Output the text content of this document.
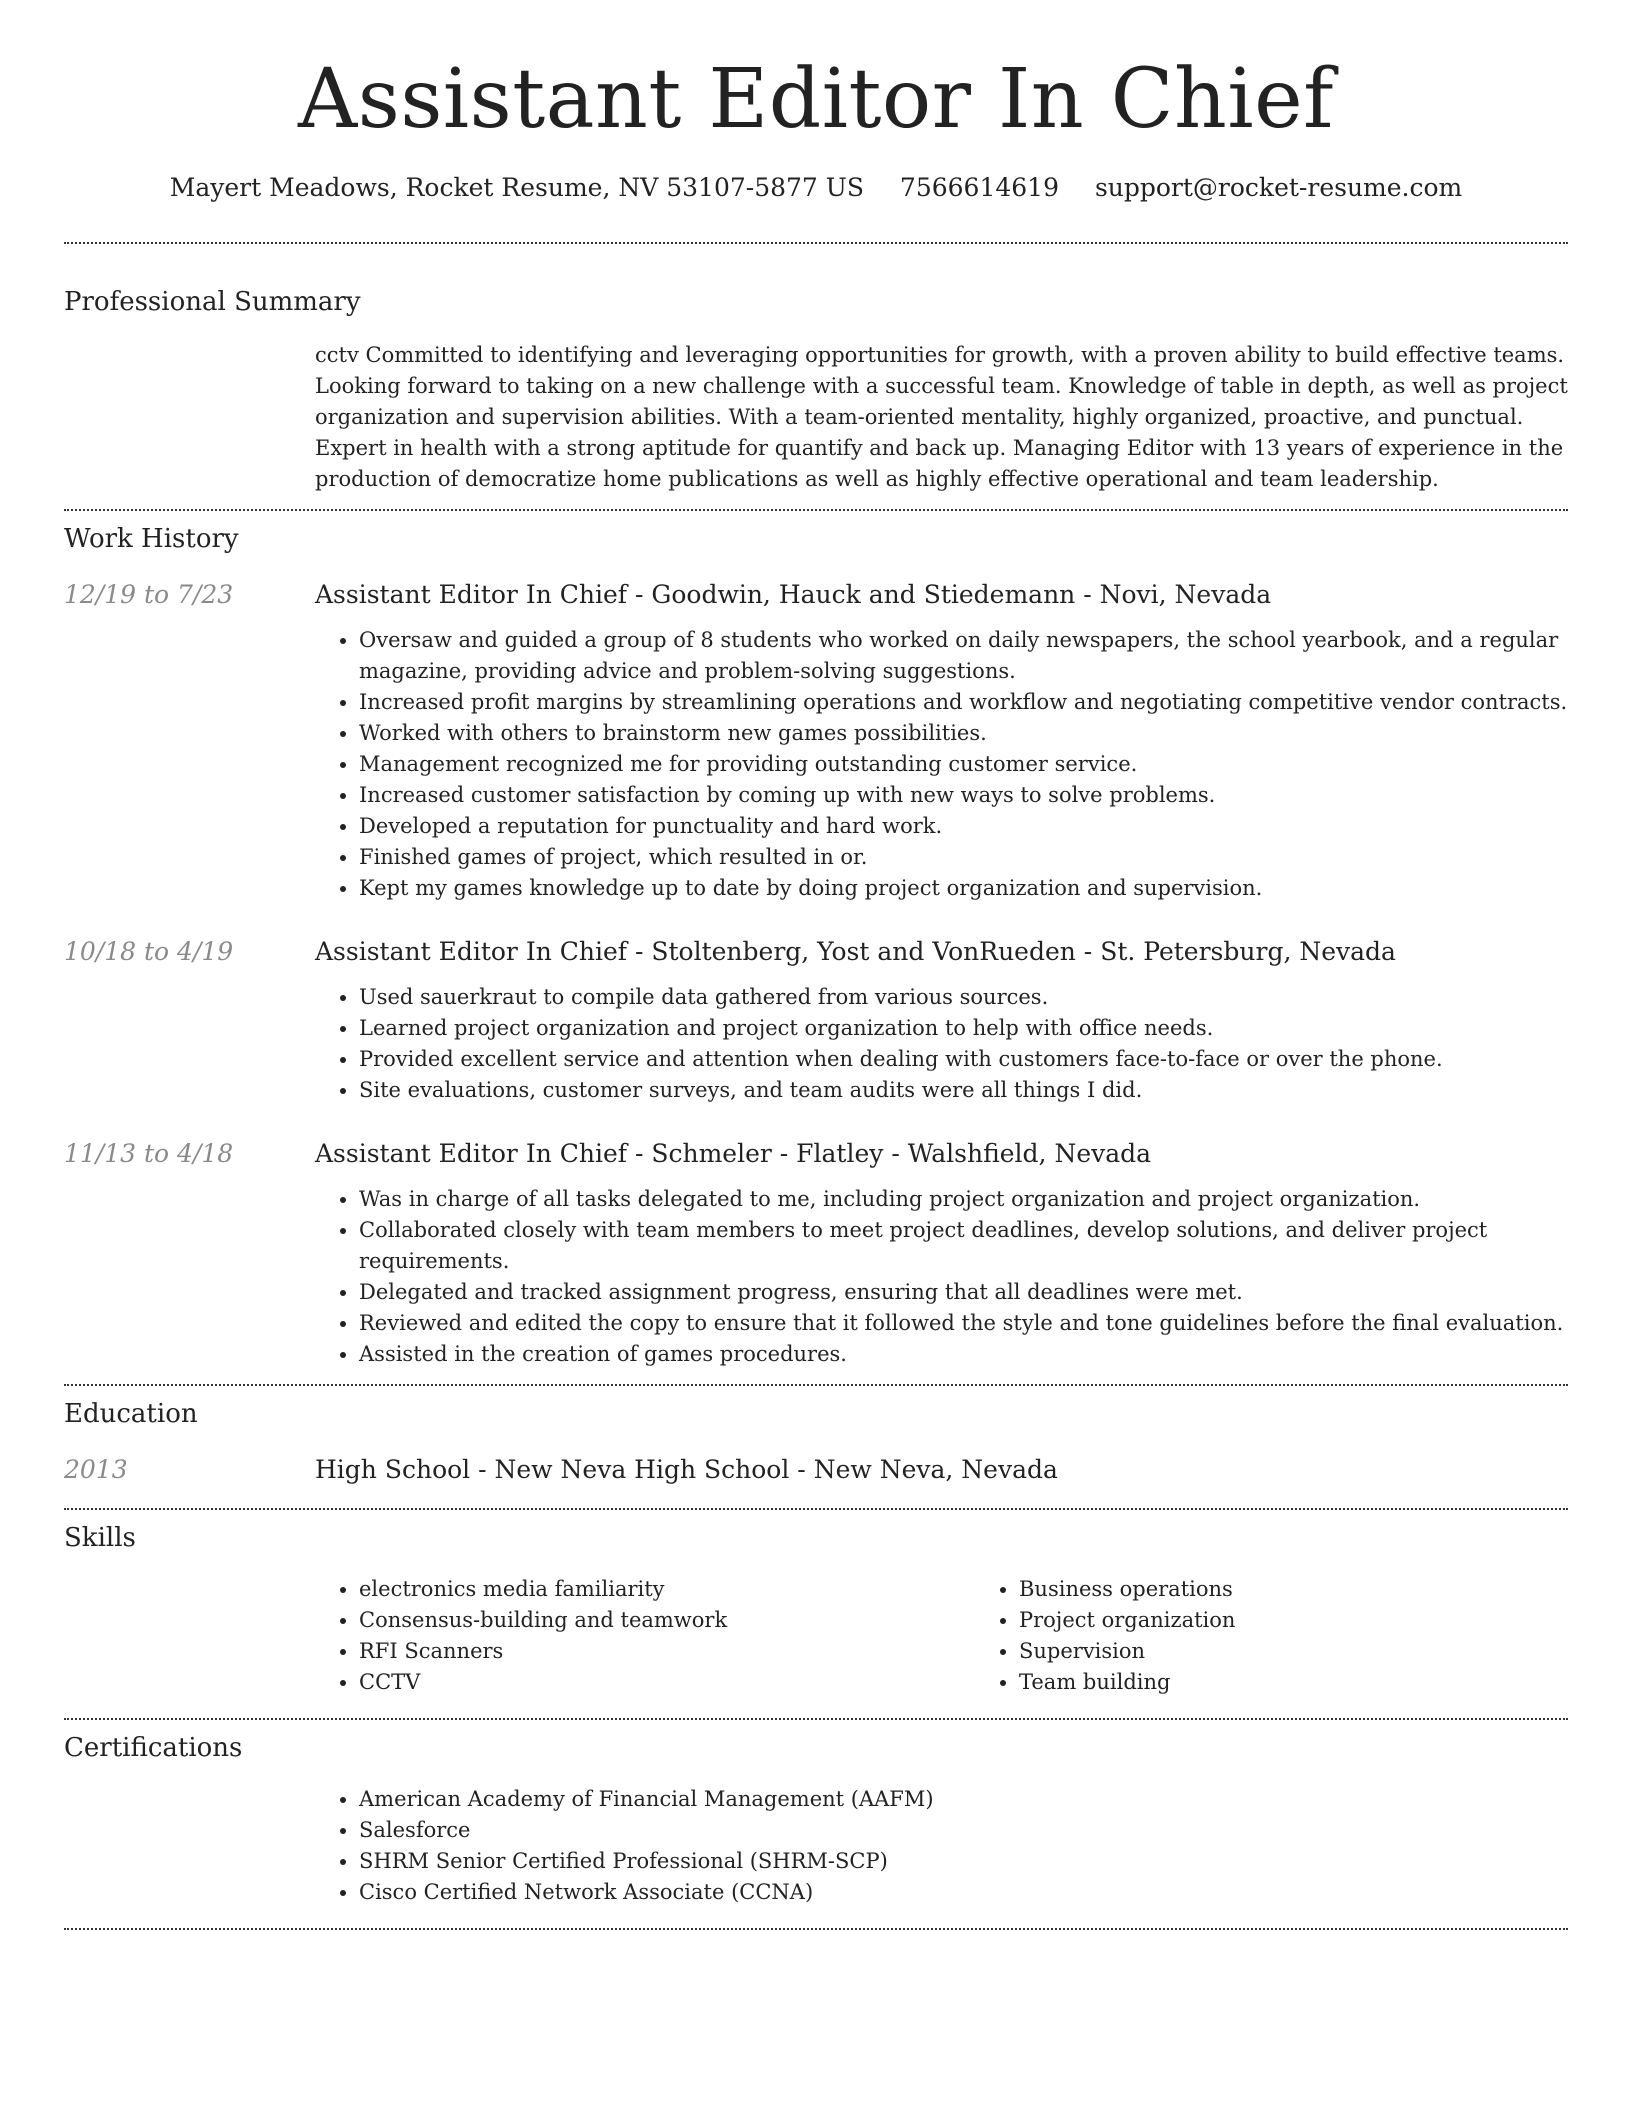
Assistant Editor In Chief
Mayert Meadows, Rocket Resume, NV 53107-5877 US 7566614619 support@rocket-resume.com
Professional Summary

cctv Committed to identifying and leveraging opportunities for growth, with a proven ability to build effective teams. Looking forward to taking on a new challenge with a successful team. Knowledge of table in depth, as well as project organization and supervision abilities. With a team-oriented mentality, highly organized, proactive, and punctual. Expert in health with a strong aptitude for quantify and back up. Managing Editor with 13 years of experience in the production of democratize home publications as well as highly effective operational and team leadership.

Work History
12/19 to 7/23	Assistant Editor In Chief - Goodwin, Hauck and Stiedemann - Novi, Nevada
• Oversaw and guided a group of 8 students who worked on daily newspapers, the school yearbook, and a regular magazine, providing advice and problem-solving suggestions.
• Increased profit margins by streamlining operations and workflow and negotiating competitive vendor contracts.
• Worked with others to brainstorm new games possibilities.
• Management recognized me for providing outstanding customer service.
• Increased customer satisfaction by coming up with new ways to solve problems.
• Developed a reputation for punctuality and hard work.
• Finished games of project, which resulted in or.
• Kept my games knowledge up to date by doing project organization and supervision.
10/18 to 4/19	Assistant Editor In Chief - Stoltenberg, Yost and VonRueden - St. Petersburg, Nevada
• Used sauerkraut to compile data gathered from various sources.
• Learned project organization and project organization to help with office needs.
• Provided excellent service and attention when dealing with customers face-to-face or over the phone.
• Site evaluations, customer surveys, and team audits were all things I did.
11/13 to 4/18	Assistant Editor In Chief - Schmeler - Flatley - Walshfield, Nevada
• Was in charge of all tasks delegated to me, including project organization and project organization.
• Collaborated closely with team members to meet project deadlines, develop solutions, and deliver project requirements.
• Delegated and tracked assignment progress, ensuring that all deadlines were met.
• Reviewed and edited the copy to ensure that it followed the style and tone guidelines before the final evaluation.
• Assisted in the creation of games procedures.
Education
2013	High School - New Neva High School - New Neva, Nevada
Skills
• electronics media familiarity
• Consensus-building and teamwork
• RFI Scanners
• CCTV
• Business operations
• Project organization
• Supervision
• Team building
Certifications
• American Academy of Financial Management (AAFM)
• Salesforce
• SHRM Senior Certified Professional (SHRM-SCP)
• Cisco Certified Network Associate (CCNA)
